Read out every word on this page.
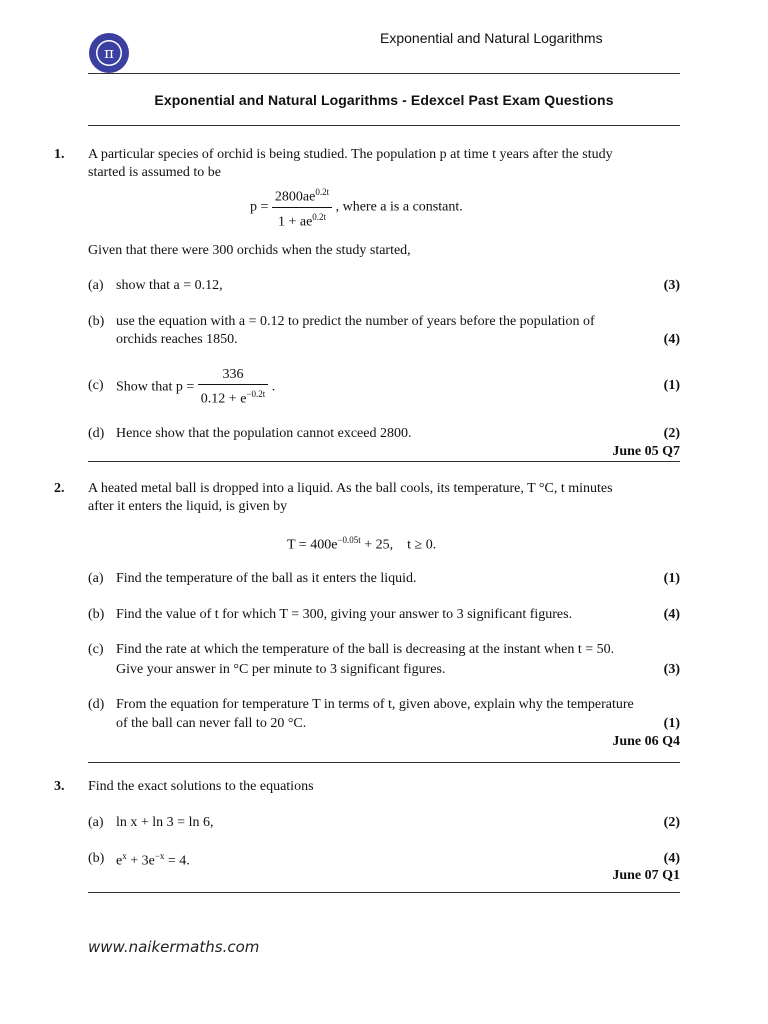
π
Exponential and Natural Logarithms
Exponential and Natural Logarithms - Edexcel Past Exam Questions
1. A particular species of orchid is being studied. The population p at time t years after the study
started is assumed to be
$p = \frac{2800ae^{0.2t}}{1 + ae^{0.2t}}$ , where a is a constant.
Given that there were 300 orchids when the study started,
(a) show that a = 0.12,	(3)
(b) use the equation with a = 0.12 to predict the number of years before the population of
orchids reaches 1850.	(4)
(c) Show that $p = \frac{336}{0.12 + e^{-0.2t}}$ .	(1)
(d) Hence show that the population cannot exceed 2800.	(2)
June 05 Q7
2. A heated metal ball is dropped into a liquid. As the ball cools, its temperature, T °C, t minutes
after it enters the liquid, is given by
$T = 400e^{-0.05t} + 25$,    t ≥ 0.
(a) Find the temperature of the ball as it enters the liquid.	(1)
(b) Find the value of t for which T = 300, giving your answer to 3 significant figures.	(4)
(c) Find the rate at which the temperature of the ball is decreasing at the instant when t = 50.
Give your answer in °C per minute to 3 significant figures.	(3)
(d) From the equation for temperature T in terms of t, given above, explain why the temperature
of the ball can never fall to 20 °C.	(1)
June 06 Q4
3. Find the exact solutions to the equations
(a) ln x + ln 3 = ln 6,	(2)
(b) $e^x + 3e^{-x} = 4$.	(4)
June 07 Q1
www.naikermaths.com
